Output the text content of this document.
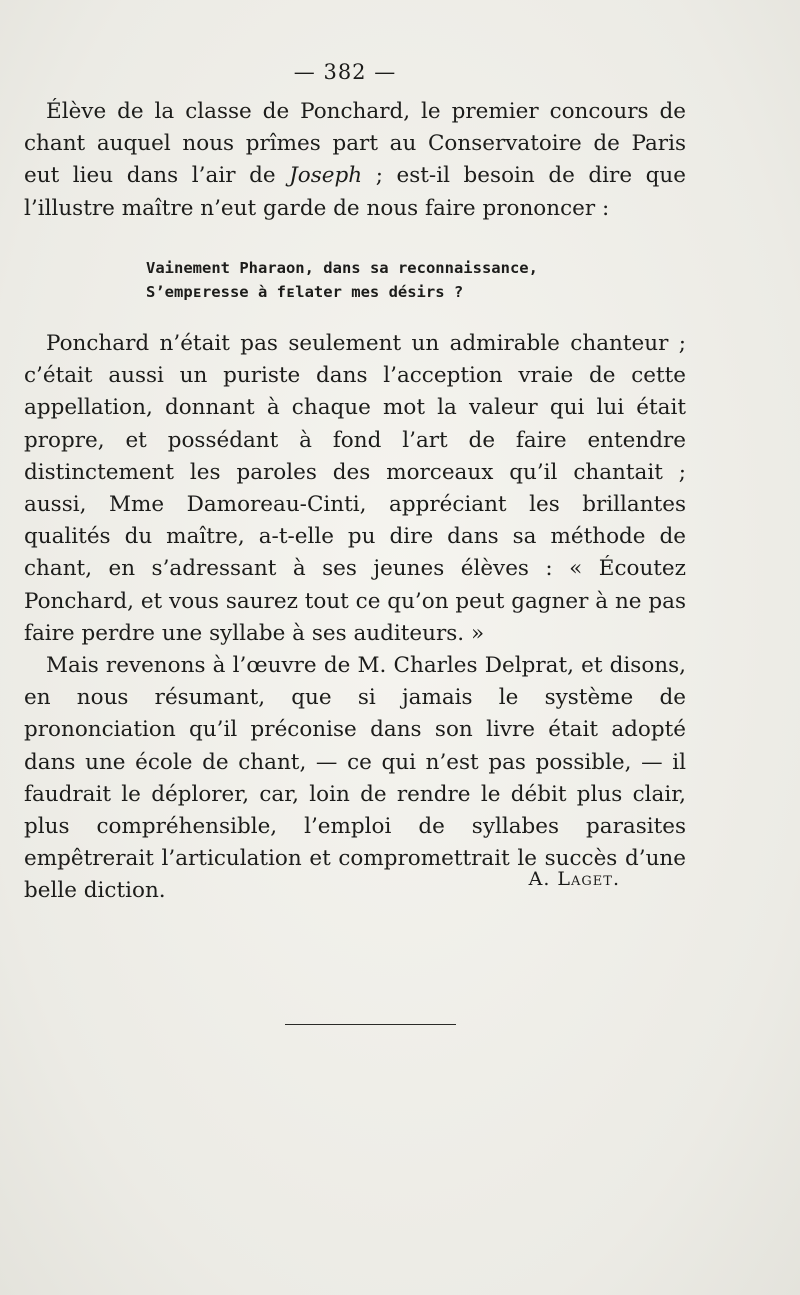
— 382 —

Élève de la classe de Ponchard, le premier concours de chant auquel nous prîmes part au Conservatoire de Paris eut lieu dans l’air de Joseph ; est-il besoin de dire que l’illustre maître n’eut garde de nous faire prononcer :

Vainement Pharaon, dans sa reconnaissance,
S’empᴇresse à fᴇlater mes désirs ?

Ponchard n’était pas seulement un admirable chanteur ; c’était aussi un puriste dans l’acception vraie de cette appellation, donnant à chaque mot la valeur qui lui était propre, et possédant à fond l’art de faire entendre distinctement les paroles des morceaux qu’il chantait ; aussi, Mme Damoreau-Cinti, appréciant les brillantes qualités du maître, a-t-elle pu dire dans sa méthode de chant, en s’adressant à ses jeunes élèves : « Écoutez Ponchard, et vous saurez tout ce qu’on peut gagner à ne pas faire perdre une syllabe à ses auditeurs. »

Mais revenons à l’œuvre de M. Charles Delprat, et disons, en nous résumant, que si jamais le système de prononciation qu’il préconise dans son livre était adopté dans une école de chant, — ce qui n’est pas possible, — il faudrait le déplorer, car, loin de rendre le débit plus clair, plus compréhensible, l’emploi de syllabes parasites empêtrerait l’articulation et compromettrait le succès d’une belle diction.	A. Laget.
